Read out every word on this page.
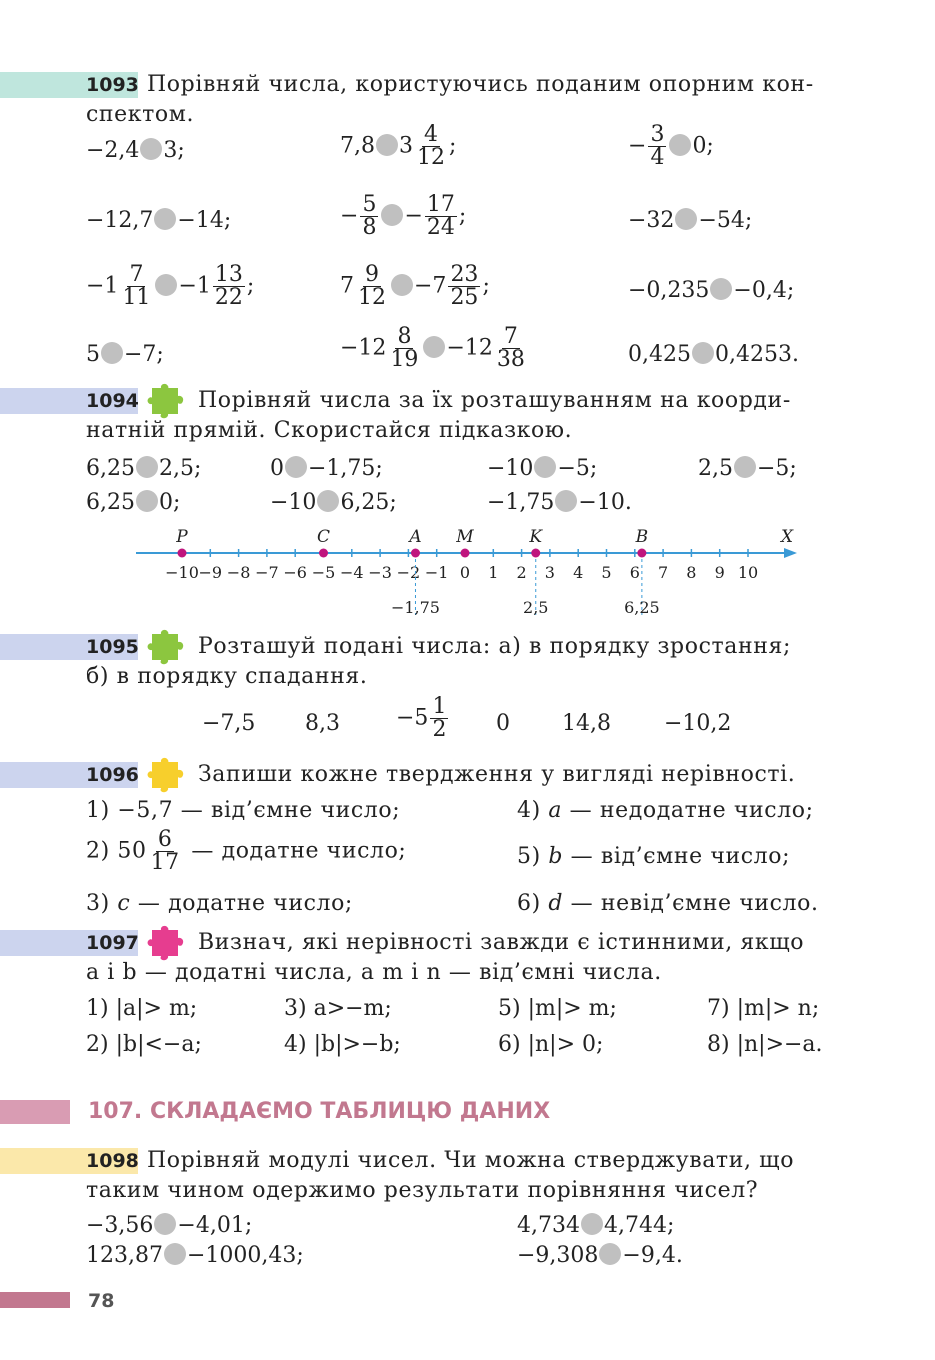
1093 Порівняй числа, користуючись поданим опорним кон-
спектом.
−2,4 3;	7,8 $3 \frac{4}{12}$ ;	− $\frac{3}{4} 0$;
−12,7 −14;	− $\frac{5}{8} - \frac{17}{24}$ ;	−32 −54;
$-1 \frac{7}{11} -1 \frac{13}{22}$ ;	$7 \frac{9}{12} -7 \frac{23}{25}$ ;	−0,235 −0,4;
5 −7;	$-12 \frac{8}{19} -12 \frac{7}{38}$	0,425 0,4253.
1094	Порівняй числа за їх розташуванням на коорди-
натній прямій. Скористайся підказкою.
6,25 2,5;	0 −1,75;	−10 −5;	2,5 −5;
6,25 0;	−10 6,25;	−1,75 −10.
X
−10 −9 −8 −7 −6 −5 −4 −3 −2 −1 0 1 2 3 4 5 6 7 8 9 10
−1,75	2,5	6,25
P	C	A M	K	B
1095	Розташуй подані числа: а) в порядку зростання;
б) в порядку спадання.
−7,5 8,3	$-5 \frac{1}{2} 0$ 14,8 −10,2
1096	Запиши кожне твердження у вигляді нерівності.
1) −5,7 — від’ємне число;
2) $50 \frac{6}{17}$ — додатне число;
3) c — додатне число;
4) a — недодатне число;
5) b — від’ємне число;
6) d — невід’ємне число.
1097	Визнач, які нерівності завжди є істинними, якщо
a і b — додатні числа, а m і n — від’ємні числа.
1) |a|> m;
2) |b|<−a;
3) a>−m;
4) |b|>−b;
5) |m|> m;
6) |n|> 0;
7) |m|> n;
8) |n|>−a.
107. СКЛАДАЄМО ТАБЛИЦЮ ДАНИХ
1098 Порівняй модулі чисел. Чи можна стверджувати, що
таким чином одержимо результати порівняння чисел?
−3,56 −4,01;	4,734 4,744;
123,87 −1000,43;	−9,308 −9,4.
78
